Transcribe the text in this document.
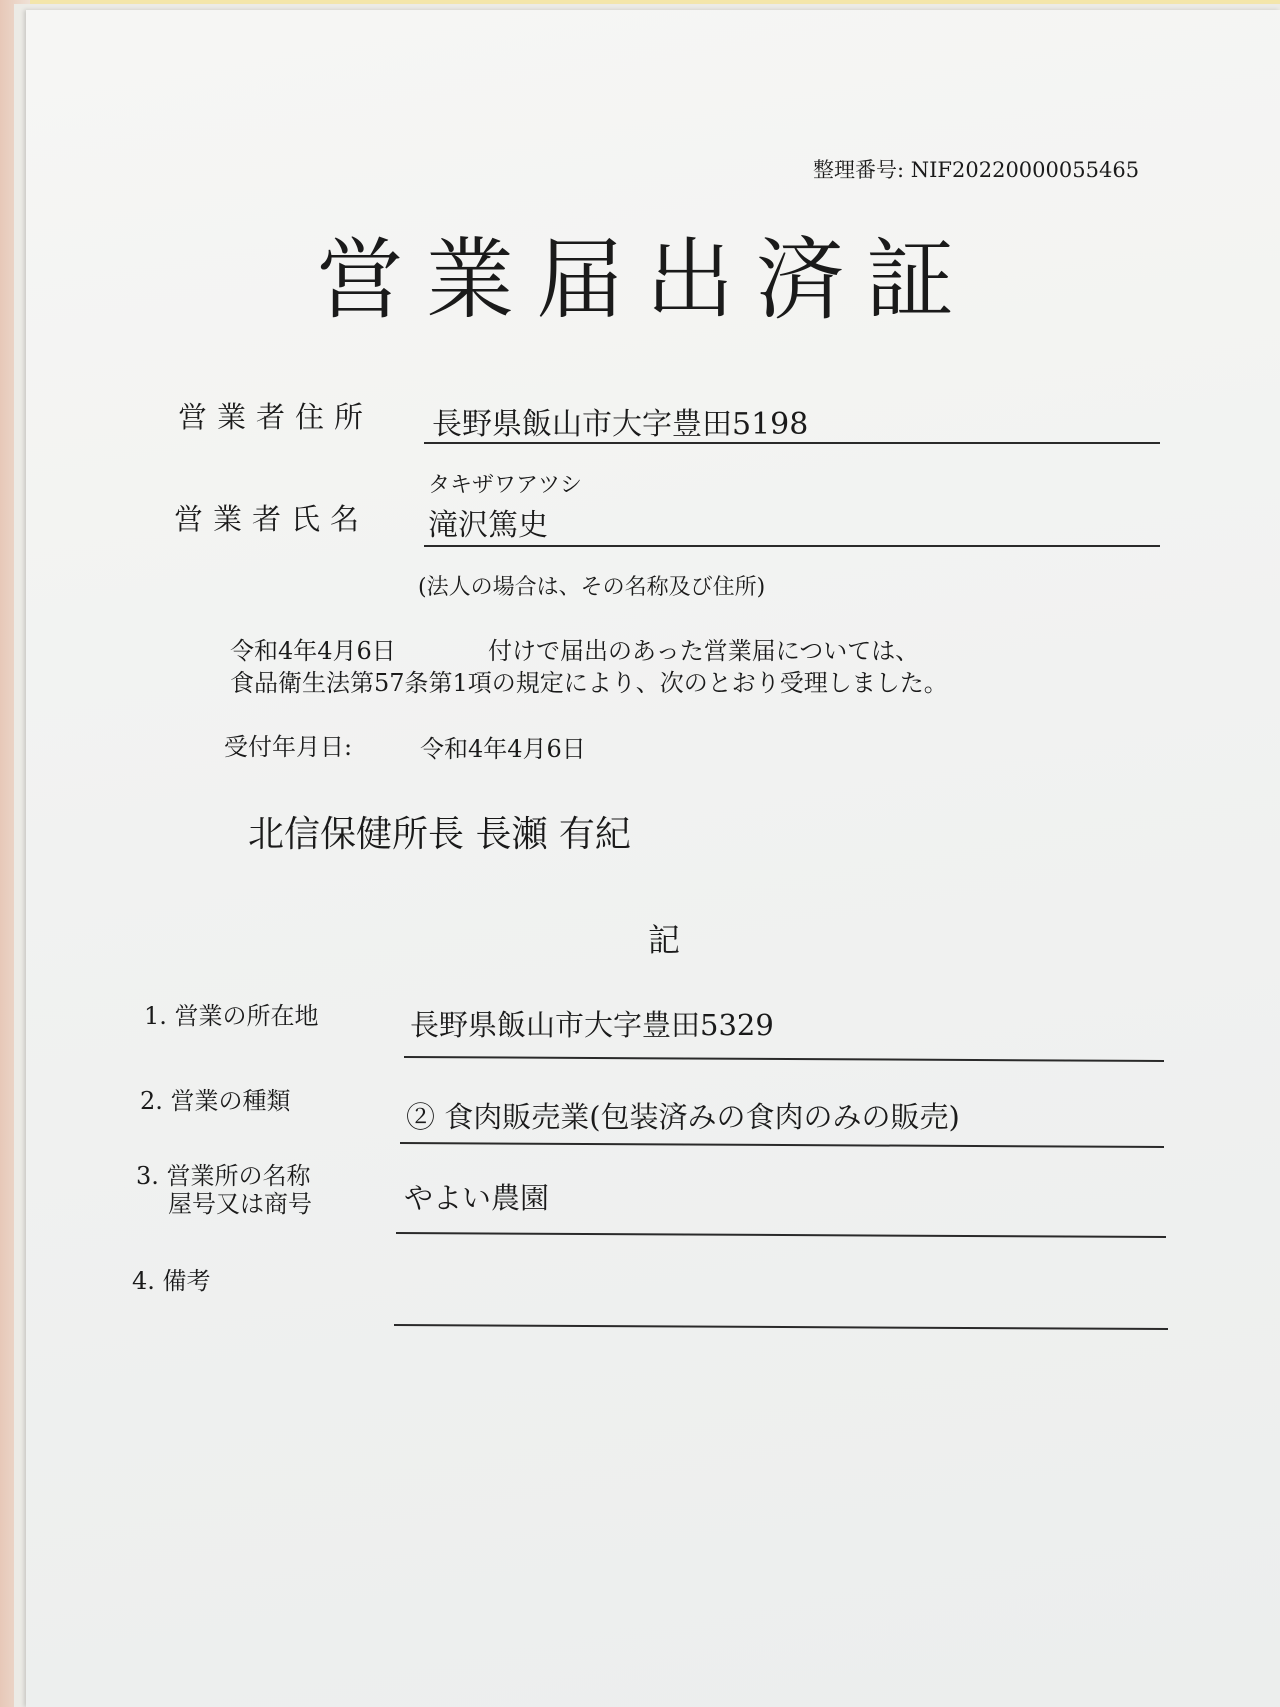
整理番号: NIF20220000055465
営業届出済証
営業者住所 長野県飯山市大字豊田5198
タキザワアツシ
営業者氏名 滝沢篤史
(法人の場合は、その名称及び住所)
令和4年4月6日	付けで届出のあった営業届については、
食品衛生法第57条第1項の規定により、次のとおり受理しました。
受付年月日:	令和4年4月6日
北信保健所長 長瀬 有紀
記
1. 営業の所在地	長野県飯山市大字豊田5329
2. 営業の種類	② 食肉販売業(包装済みの食肉のみの販売)
3. 営業所の名称
屋号又は商号	やよい農園
4. 備考
